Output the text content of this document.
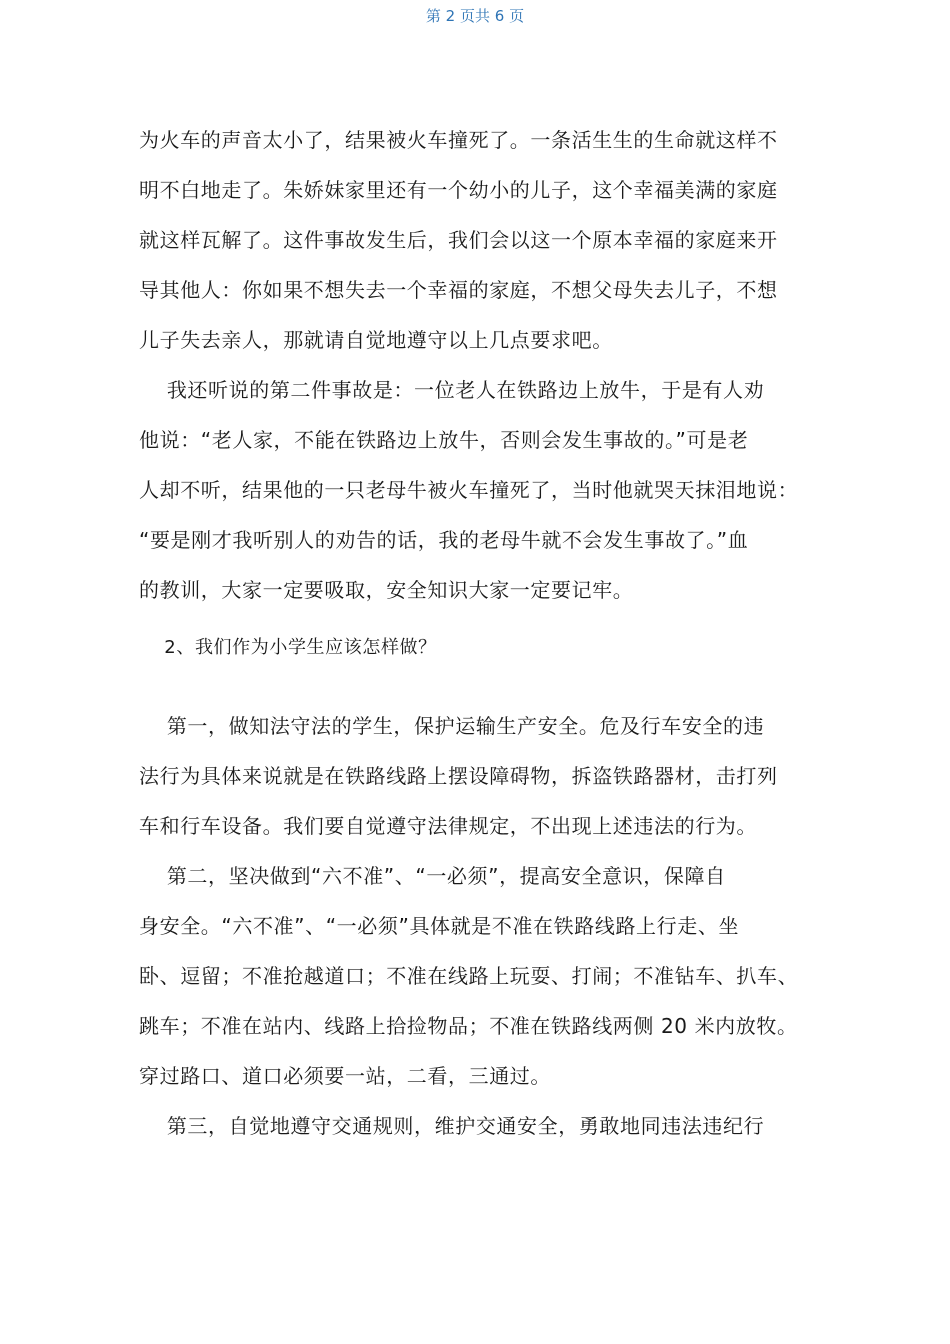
第 2 页共 6 页
为火车的声音太小了，结果被火车撞死了。一条活生生的生命就这样不
明不白地走了。朱娇妹家里还有一个幼小的儿子，这个幸福美满的家庭
就这样瓦解了。这件事故发生后，我们会以这一个原本幸福的家庭来开
导其他人：你如果不想失去一个幸福的家庭，不想父母失去儿子，不想
儿子失去亲人，那就请自觉地遵守以上几点要求吧。
我还听说的第二件事故是：一位老人在铁路边上放牛，于是有人劝
他说：“老人家，不能在铁路边上放牛，否则会发生事故的。”可是老
人却不听，结果他的一只老母牛被火车撞死了，当时他就哭天抹泪地说：
“要是刚才我听别人的劝告的话，我的老母牛就不会发生事故了。”血
的教训，大家一定要吸取，安全知识大家一定要记牢。
2、我们作为小学生应该怎样做？
第一，做知法守法的学生，保护运输生产安全。危及行车安全的违
法行为具体来说就是在铁路线路上摆设障碍物，拆盗铁路器材，击打列
车和行车设备。我们要自觉遵守法律规定，不出现上述违法的行为。
第二，坚决做到“六不准”、“一必须”，提高安全意识，保障自
身安全。“六不准”、“一必须”具体就是不准在铁路线路上行走、坐
卧、逗留；不准抢越道口；不准在线路上玩耍、打闹；不准钻车、扒车、
跳车；不准在站内、线路上拾捡物品；不准在铁路线两侧 20 米内放牧。
穿过路口、道口必须要一站，二看，三通过。
第三，自觉地遵守交通规则，维护交通安全，勇敢地同违法违纪行
